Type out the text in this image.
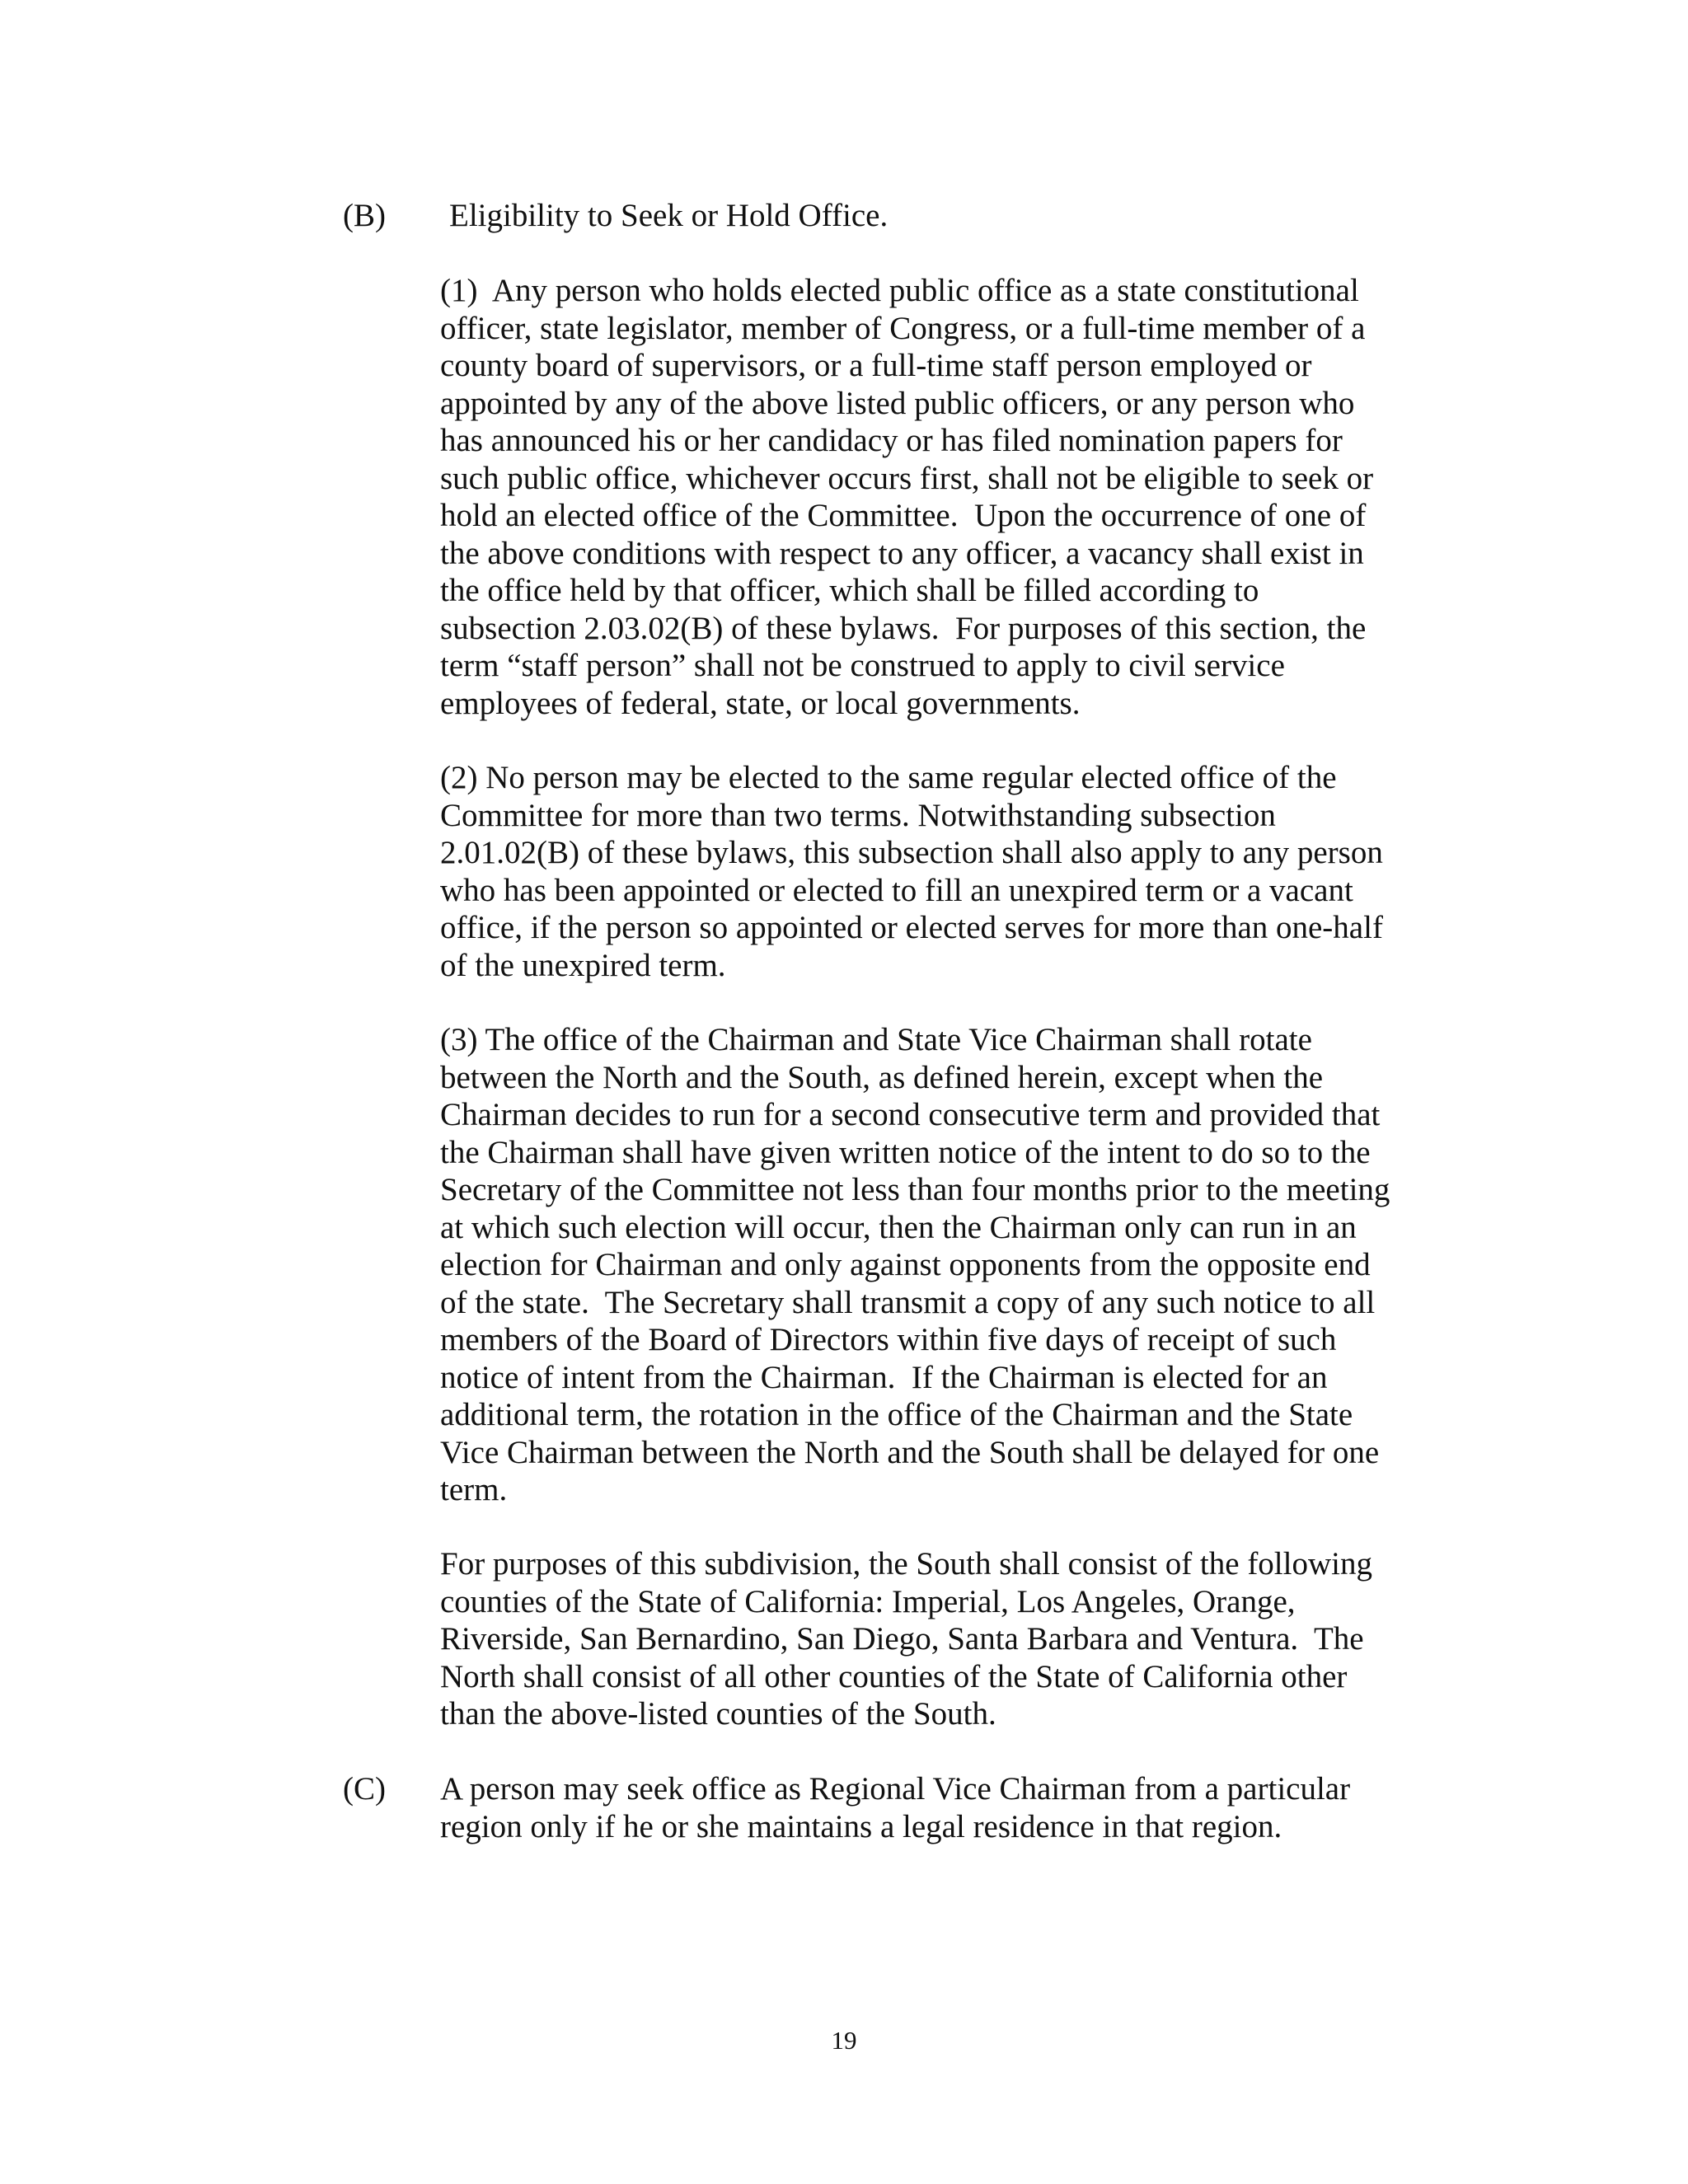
(B) Eligibility to Seek or Hold Office.

(1)  Any person who holds elected public office as a state constitutional
officer, state legislator, member of Congress, or a full-time member of a
county board of supervisors, or a full-time staff person employed or
appointed by any of the above listed public officers, or any person who
has announced his or her candidacy or has filed nomination papers for
such public office, whichever occurs first, shall not be eligible to seek or
hold an elected office of the Committee.  Upon the occurrence of one of
the above conditions with respect to any officer, a vacancy shall exist in
the office held by that officer, which shall be filled according to
subsection 2.03.02(B) of these bylaws.  For purposes of this section, the
term “staff person” shall not be construed to apply to civil service
employees of federal, state, or local governments.

(2) No person may be elected to the same regular elected office of the
Committee for more than two terms. Notwithstanding subsection
2.01.02(B) of these bylaws, this subsection shall also apply to any person
who has been appointed or elected to fill an unexpired term or a vacant
office, if the person so appointed or elected serves for more than one-half
of the unexpired term.

(3) The office of the Chairman and State Vice Chairman shall rotate
between the North and the South, as defined herein, except when the
Chairman decides to run for a second consecutive term and provided that
the Chairman shall have given written notice of the intent to do so to the
Secretary of the Committee not less than four months prior to the meeting
at which such election will occur, then the Chairman only can run in an
election for Chairman and only against opponents from the opposite end
of the state.  The Secretary shall transmit a copy of any such notice to all
members of the Board of Directors within five days of receipt of such
notice of intent from the Chairman.  If the Chairman is elected for an
additional term, the rotation in the office of the Chairman and the State
Vice Chairman between the North and the South shall be delayed for one
term.

For purposes of this subdivision, the South shall consist of the following
counties of the State of California: Imperial, Los Angeles, Orange,
Riverside, San Bernardino, San Diego, Santa Barbara and Ventura.  The
North shall consist of all other counties of the State of California other
than the above-listed counties of the South.

(C) A person may seek office as Regional Vice Chairman from a particular
region only if he or she maintains a legal residence in that region.

19
